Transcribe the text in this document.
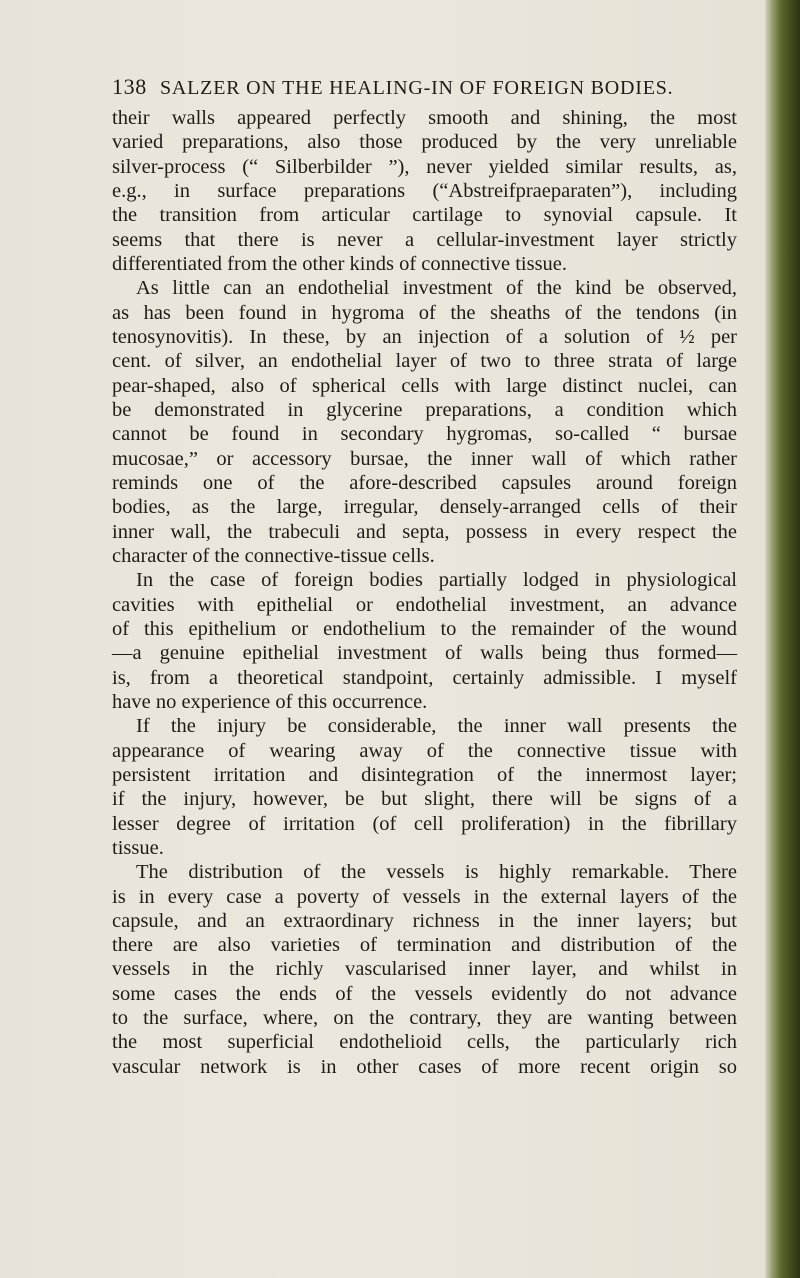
138 SALZER ON THE HEALING-IN OF FOREIGN BODIES.
their walls appeared perfectly smooth and shining, the most
varied preparations, also those produced by the very unreliable
silver-process (“ Silberbilder ”), never yielded similar results, as,
e.g., in surface preparations (“Abstreifpraeparaten”), including
the transition from articular cartilage to synovial capsule. It
seems that there is never a cellular-investment layer strictly
differentiated from the other kinds of connective tissue.
As little can an endothelial investment of the kind be observed,
as has been found in hygroma of the sheaths of the tendons (in
tenosynovitis). In these, by an injection of a solution of ½ per
cent. of silver, an endothelial layer of two to three strata of large
pear-shaped, also of spherical cells with large distinct nuclei, can
be demonstrated in glycerine preparations, a condition which
cannot be found in secondary hygromas, so-called “ bursae
mucosae,” or accessory bursae, the inner wall of which rather
reminds one of the afore-described capsules around foreign
bodies, as the large, irregular, densely-arranged cells of their
inner wall, the trabeculi and septa, possess in every respect the
character of the connective-tissue cells.
In the case of foreign bodies partially lodged in physiological
cavities with epithelial or endothelial investment, an advance
of this epithelium or endothelium to the remainder of the wound
—a genuine epithelial investment of walls being thus formed—
is, from a theoretical standpoint, certainly admissible. I myself
have no experience of this occurrence.
If the injury be considerable, the inner wall presents the
appearance of wearing away of the connective tissue with
persistent irritation and disintegration of the innermost layer;
if the injury, however, be but slight, there will be signs of a
lesser degree of irritation (of cell proliferation) in the fibrillary
tissue.
The distribution of the vessels is highly remarkable. There
is in every case a poverty of vessels in the external layers of the
capsule, and an extraordinary richness in the inner layers; but
there are also varieties of termination and distribution of the
vessels in the richly vascularised inner layer, and whilst in
some cases the ends of the vessels evidently do not advance
to the surface, where, on the contrary, they are wanting between
the most superficial endothelioid cells, the particularly rich
vascular network is in other cases of more recent origin so
